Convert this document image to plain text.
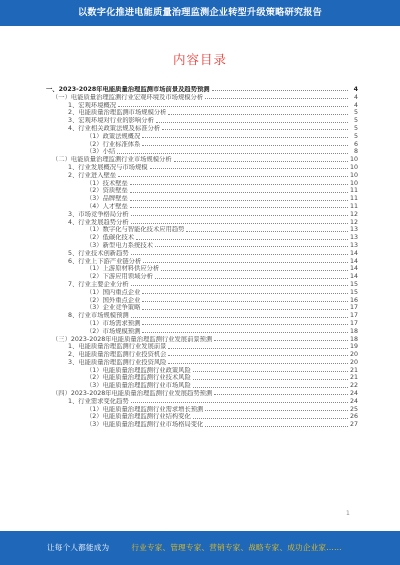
以数字化推进电能质量治理监测企业转型升级策略研究报告
内容目录
一、2023-2028年电能质量治理监测市场前景及趋势预测	4
（一）电能质量治理监测行业宏观环境及市场规模分析	4
1、宏观环境概况	4
2、电能质量治理监测市场规模分析	5
3、宏观环境对行业的影响分析	5
4、行业相关政策法规及标准分析	5
（1）政策法规概况	5
（2）行业标准体系	6
（3）小结	8
（二）电能质量治理监测行业市场规模分析	10
1、行业发展概况与市场规模	10
2、行业进入壁垒	10
（1）技术壁垒	10
（2）资质壁垒	11
（3）品牌壁垒	11
（4）人才壁垒	11
3、市场竞争格局分析	12
4、行业发展趋势分析	12
（1）数字化与智能化技术应用趋势	13
（2）低碳化技术	13
（3）新型电力系统技术	13
5、行业技术创新趋势	14
6、行业上下游产业链分析	14
（1）上游原材料供应分析	14
（2）下游应用领域分析	14
7、行业主要企业分析	15
（1）国内重点企业	15
（2）国外重点企业	16
（3）企业竞争策略	17
8、行业市场规模预测	17
（1）市场需求预测	17
（2）市场规模预测	18
（三）2023-2028年电能质量治理监测行业发展前景预测	18
1、电能质量治理监测行业发展前景	19
2、电能质量治理监测行业投资机会	20
3、电能质量治理监测行业投资风险	20
（1）电能质量治理监测行业政策风险	21
（2）电能质量治理监测行业技术风险	21
（3）电能质量治理监测行业市场风险	22
（四）2023-2028年电能质量治理监测行业发展趋势预测	24
1、行业需求变化趋势	24
（1）电能质量治理监测行业需求增长预测	25
（2）电能质量治理监测行业结构变化	26
（3）电能质量治理监测行业市场格局变化	27
1
让每个人都能成为	行业专家、管理专家、营销专家、战略专家、成功企业家……
